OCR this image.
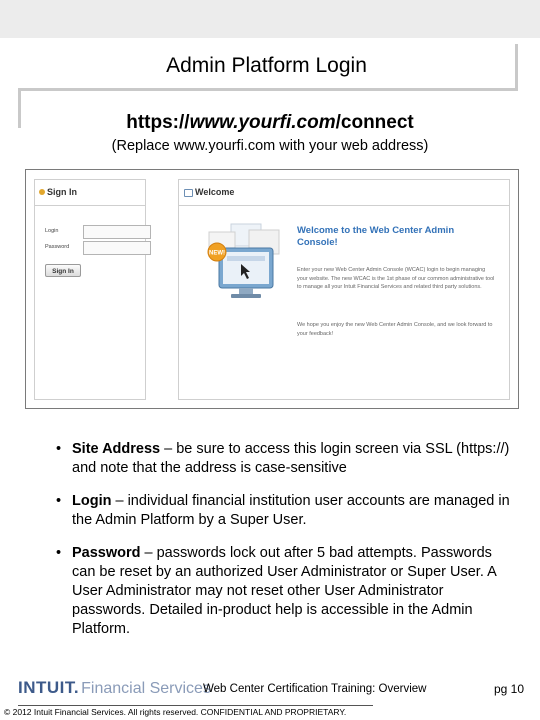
Admin Platform Login
https://www.yourfi.com/connect
(Replace www.yourfi.com with your web address)
Sign In
Login
Password
Sign In
Welcome
NEW!
Welcome to the Web Center Admin Console!
Enter your new Web Center Admin Console (WCAC) login to begin managing your website. The new WCAC is the 1st phase of our common administrative tool to manage all your Intuit Financial Services and related third party solutions.
We hope you enjoy the new Web Center Admin Console, and we look forward to your feedback!
• Site Address – be sure to access this login screen via SSL (https://) and note that the address is case-sensitive
• Login – individual financial institution user accounts are managed in the Admin Platform by a Super User.
• Password – passwords lock out after 5 bad attempts. Passwords can be reset by an authorized User Administrator or Super User. A User Administrator may not reset other User Administrator passwords. Detailed in-product help is accessible in the Admin Platform.
INTUIT. Financial Services
Web Center Certification Training: Overview	pg 10
© 2012 Intuit Financial Services. All rights reserved. CONFIDENTIAL AND PROPRIETARY.
